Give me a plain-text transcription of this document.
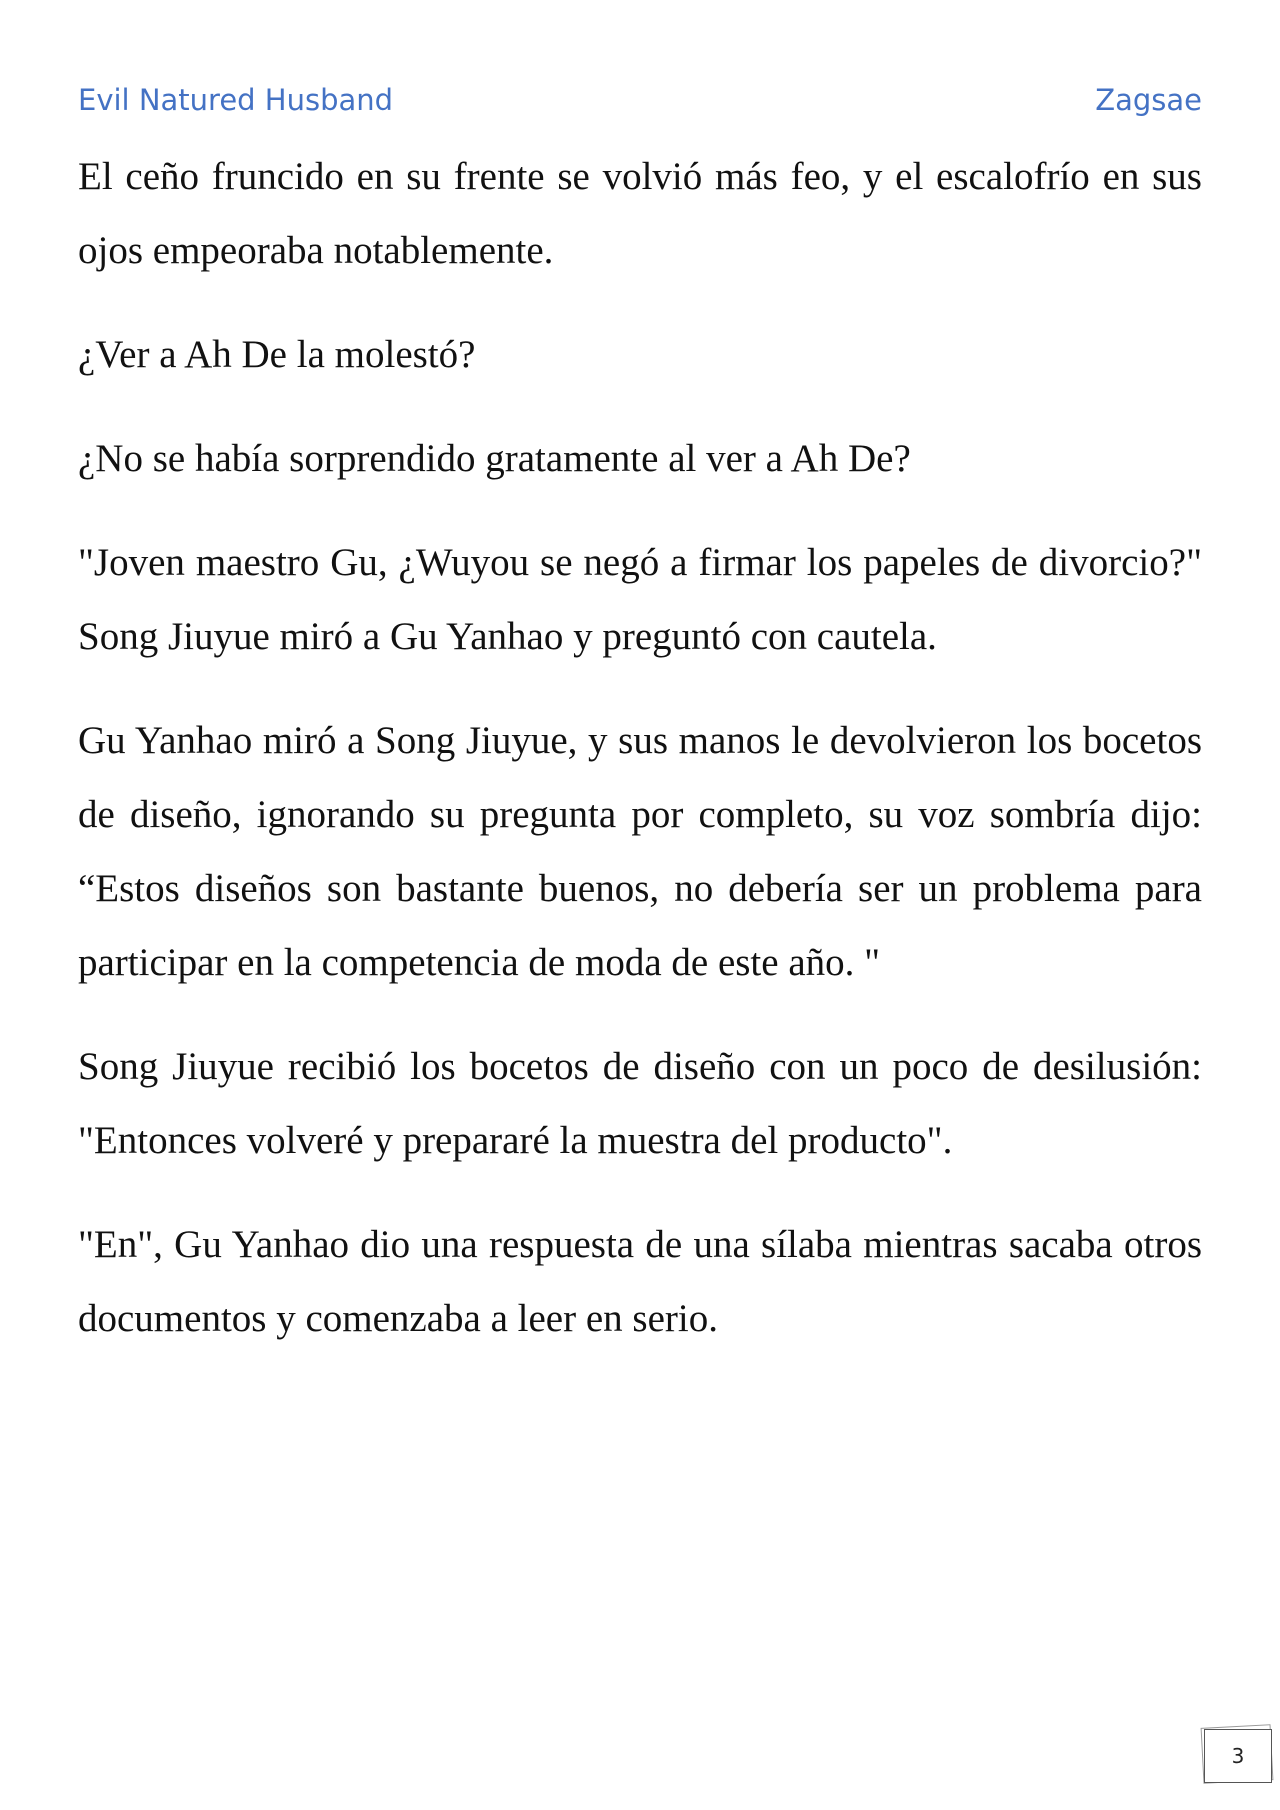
Evil Natured Husband	Zagsae

El ceño fruncido en su frente se volvió más feo, y el escalofrío en sus ojos empeoraba notablemente.

¿Ver a Ah De la molestó?

¿No se había sorprendido gratamente al ver a Ah De?

"Joven maestro Gu, ¿Wuyou se negó a firmar los papeles de divorcio?" Song Jiuyue miró a Gu Yanhao y preguntó con cautela.

Gu Yanhao miró a Song Jiuyue, y sus manos le devolvieron los bocetos de diseño, ignorando su pregunta por completo, su voz sombría dijo: “Estos diseños son bastante buenos, no debería ser un problema para participar en la competencia de moda de este año. "

Song Jiuyue recibió los bocetos de diseño con un poco de desilusión: "Entonces volveré y prepararé la muestra del producto".

"En", Gu Yanhao dio una respuesta de una sílaba mientras sacaba otros documentos y comenzaba a leer en serio.

3
